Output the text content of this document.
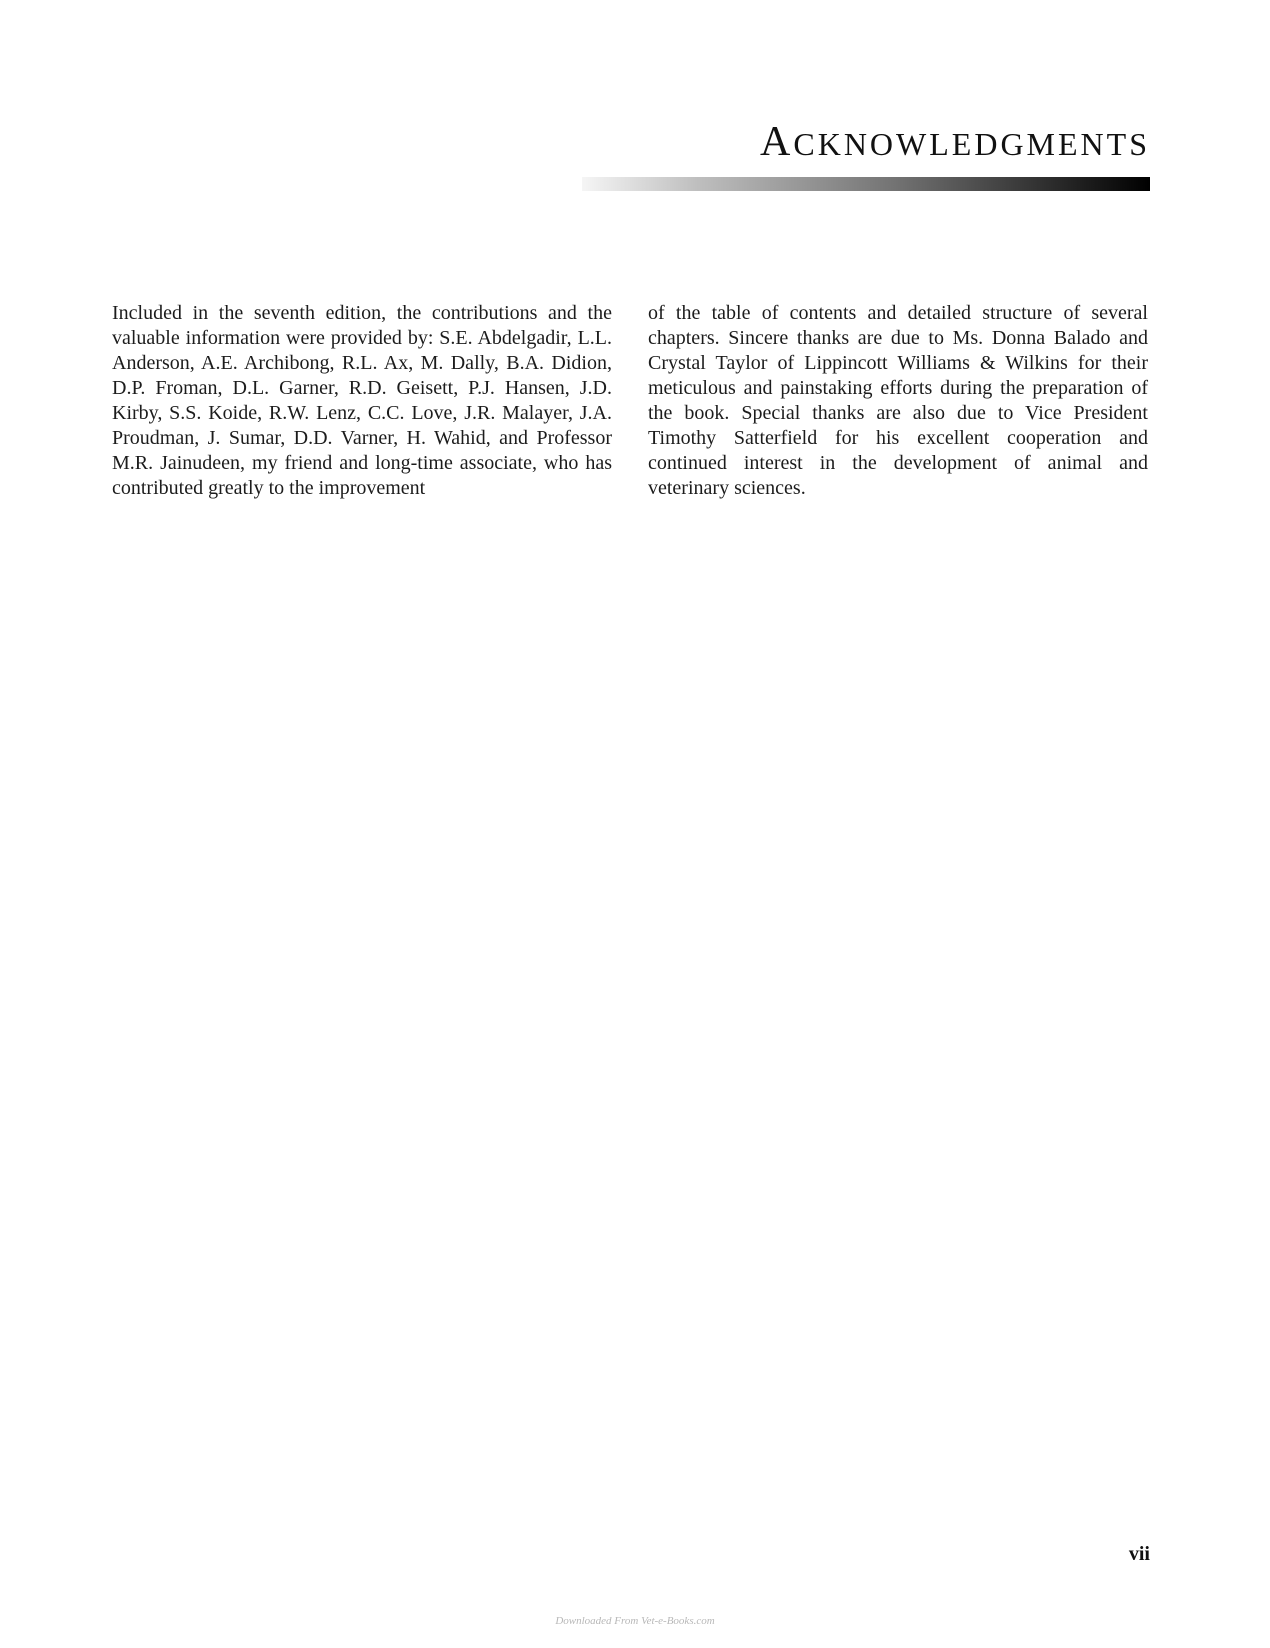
ACKNOWLEDGMENTS
Included in the seventh edition, the contributions and the valuable information were provided by: S.E. Abdelgadir, L.L. Anderson, A.E. Archibong, R.L. Ax, M. Dally, B.A. Didion, D.P. Froman, D.L. Garner, R.D. Geisett, P.J. Hansen, J.D. Kirby, S.S. Koide, R.W. Lenz, C.C. Love, J.R. Malayer, J.A. Proudman, J. Sumar, D.D. Varner, H. Wahid, and Professor M.R. Jainudeen, my friend and long-time associate, who has contributed greatly to the improvement
of the table of contents and detailed structure of several chapters. Sincere thanks are due to Ms. Donna Balado and Crystal Taylor of Lippincott Williams & Wilkins for their meticulous and painstaking efforts during the preparation of the book. Special thanks are also due to Vice President Timothy Satterfield for his excellent cooperation and continued interest in the development of animal and veterinary sciences.
vii
Downloaded From Vet-e-Books.com
